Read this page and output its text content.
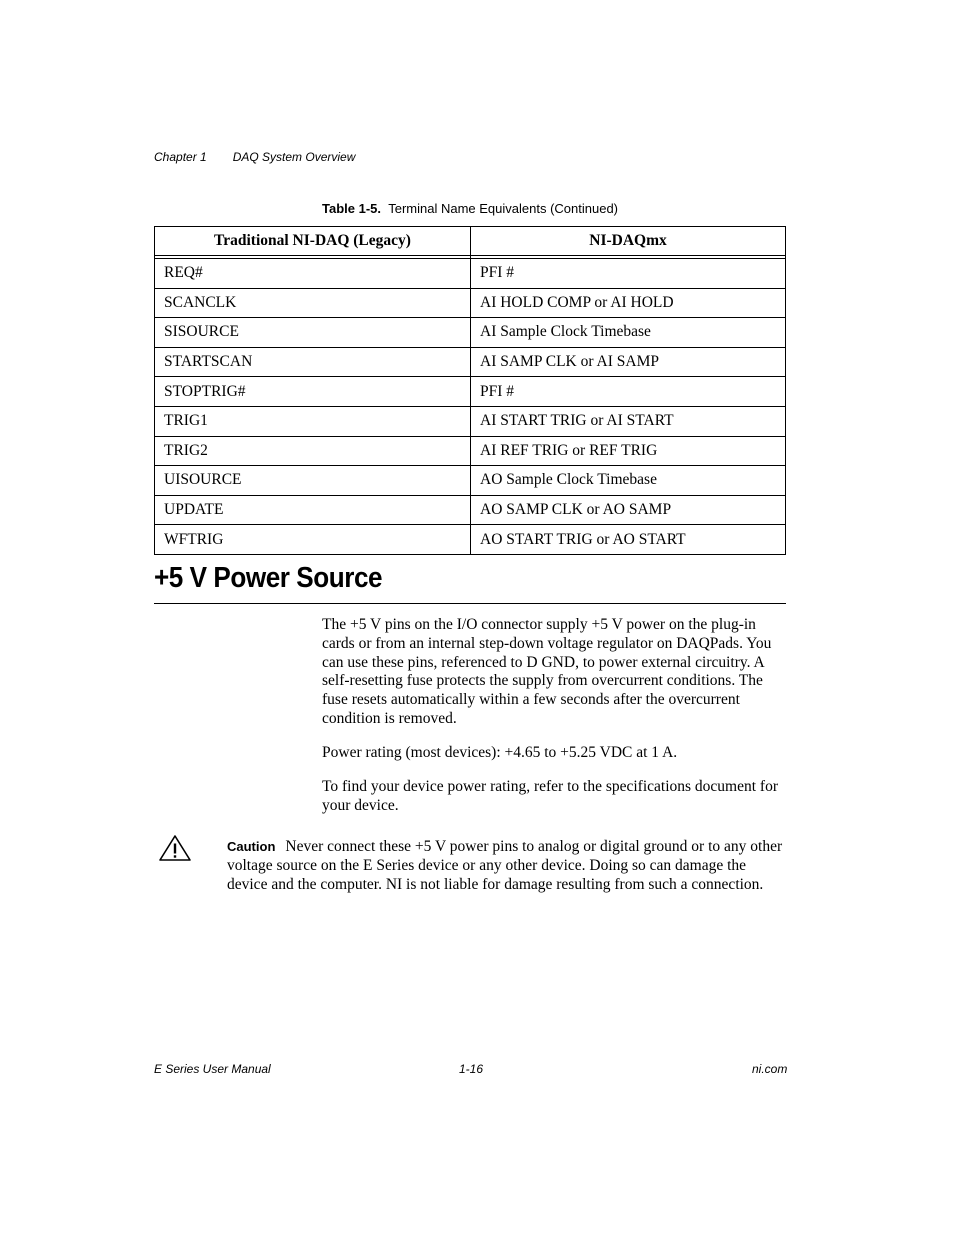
Chapter 1 DAQ System Overview
Table 1-5. Terminal Name Equivalents (Continued)
Traditional NI-DAQ (Legacy)	NI-DAQmx

REQ#	PFI #
SCANCLK	AI HOLD COMP or AI HOLD
SISOURCE	AI Sample Clock Timebase
STARTSCAN	AI SAMP CLK or AI SAMP
STOPTRIG#	PFI #
TRIG1	AI START TRIG or AI START
TRIG2	AI REF TRIG or REF TRIG
UISOURCE	AO Sample Clock Timebase
UPDATE	AO SAMP CLK or AO SAMP
WFTRIG	AO START TRIG or AO START
+5 V Power Source

The +5 V pins on the I/O connector supply +5 V power on the plug-in cards or from an internal step-down voltage regulator on DAQPads. You can use these pins, referenced to D GND, to power external circuitry. A self-resetting fuse protects the supply from overcurrent conditions. The fuse resets automatically within a few seconds after the overcurrent condition is removed.

Power rating (most devices): +4.65 to +5.25 VDC at 1 A.

To find your device power rating, refer to the specifications document for your device.

Caution Never connect these +5 V power pins to analog or digital ground or to any other voltage source on the E Series device or any other device. Doing so can damage the device and the computer. NI is not liable for damage resulting from such a connection.

E Series User Manual	1-16	ni.com
